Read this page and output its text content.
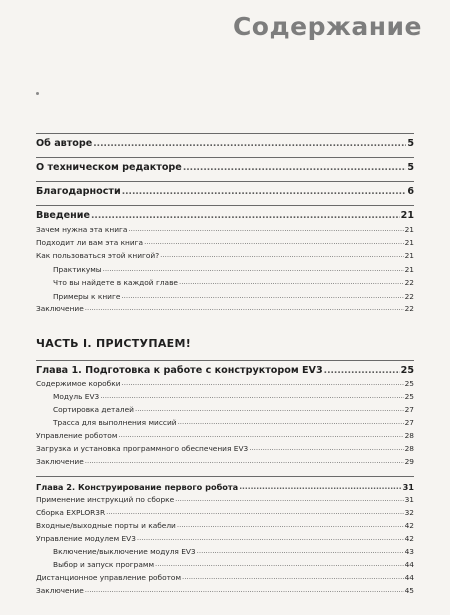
Содержание
Об авторе .....	5
О техническом редакторе .....	5
Благодарности .....	6
Введение .....	21
Зачем нужна эта книга .....	21
Подходит ли вам эта книга .....	21
Как пользоваться этой книгой? .....	21
Практикумы .....	21
Что вы найдете в каждой главе .....	22
Примеры к книге .....	22
Заключение .....	22
ЧАСТЬ I. ПРИСТУПАЕМ!
Глава 1. Подготовка к работе с конструктором EV3 .....	25
Содержимое коробки .....	25
Модуль EV3 .....	25
Сортировка деталей .....	27
Трасса для выполнения миссий .....	27
Управление роботом .....	28
Загрузка и установка программного обеспечения EV3 .....	28
Заключение .....	29
Глава 2. Конструирование первого робота .....	31
Применение инструкций по сборке .....	31
Сборка EXPLOR3R .....	32
Входные/выходные порты и кабели .....	42
Управление модулем EV3 .....	42
Включение/выключение модуля EV3 .....	43
Выбор и запуск программ .....	44
Дистанционное управление роботом .....	44
Заключение .....	45
